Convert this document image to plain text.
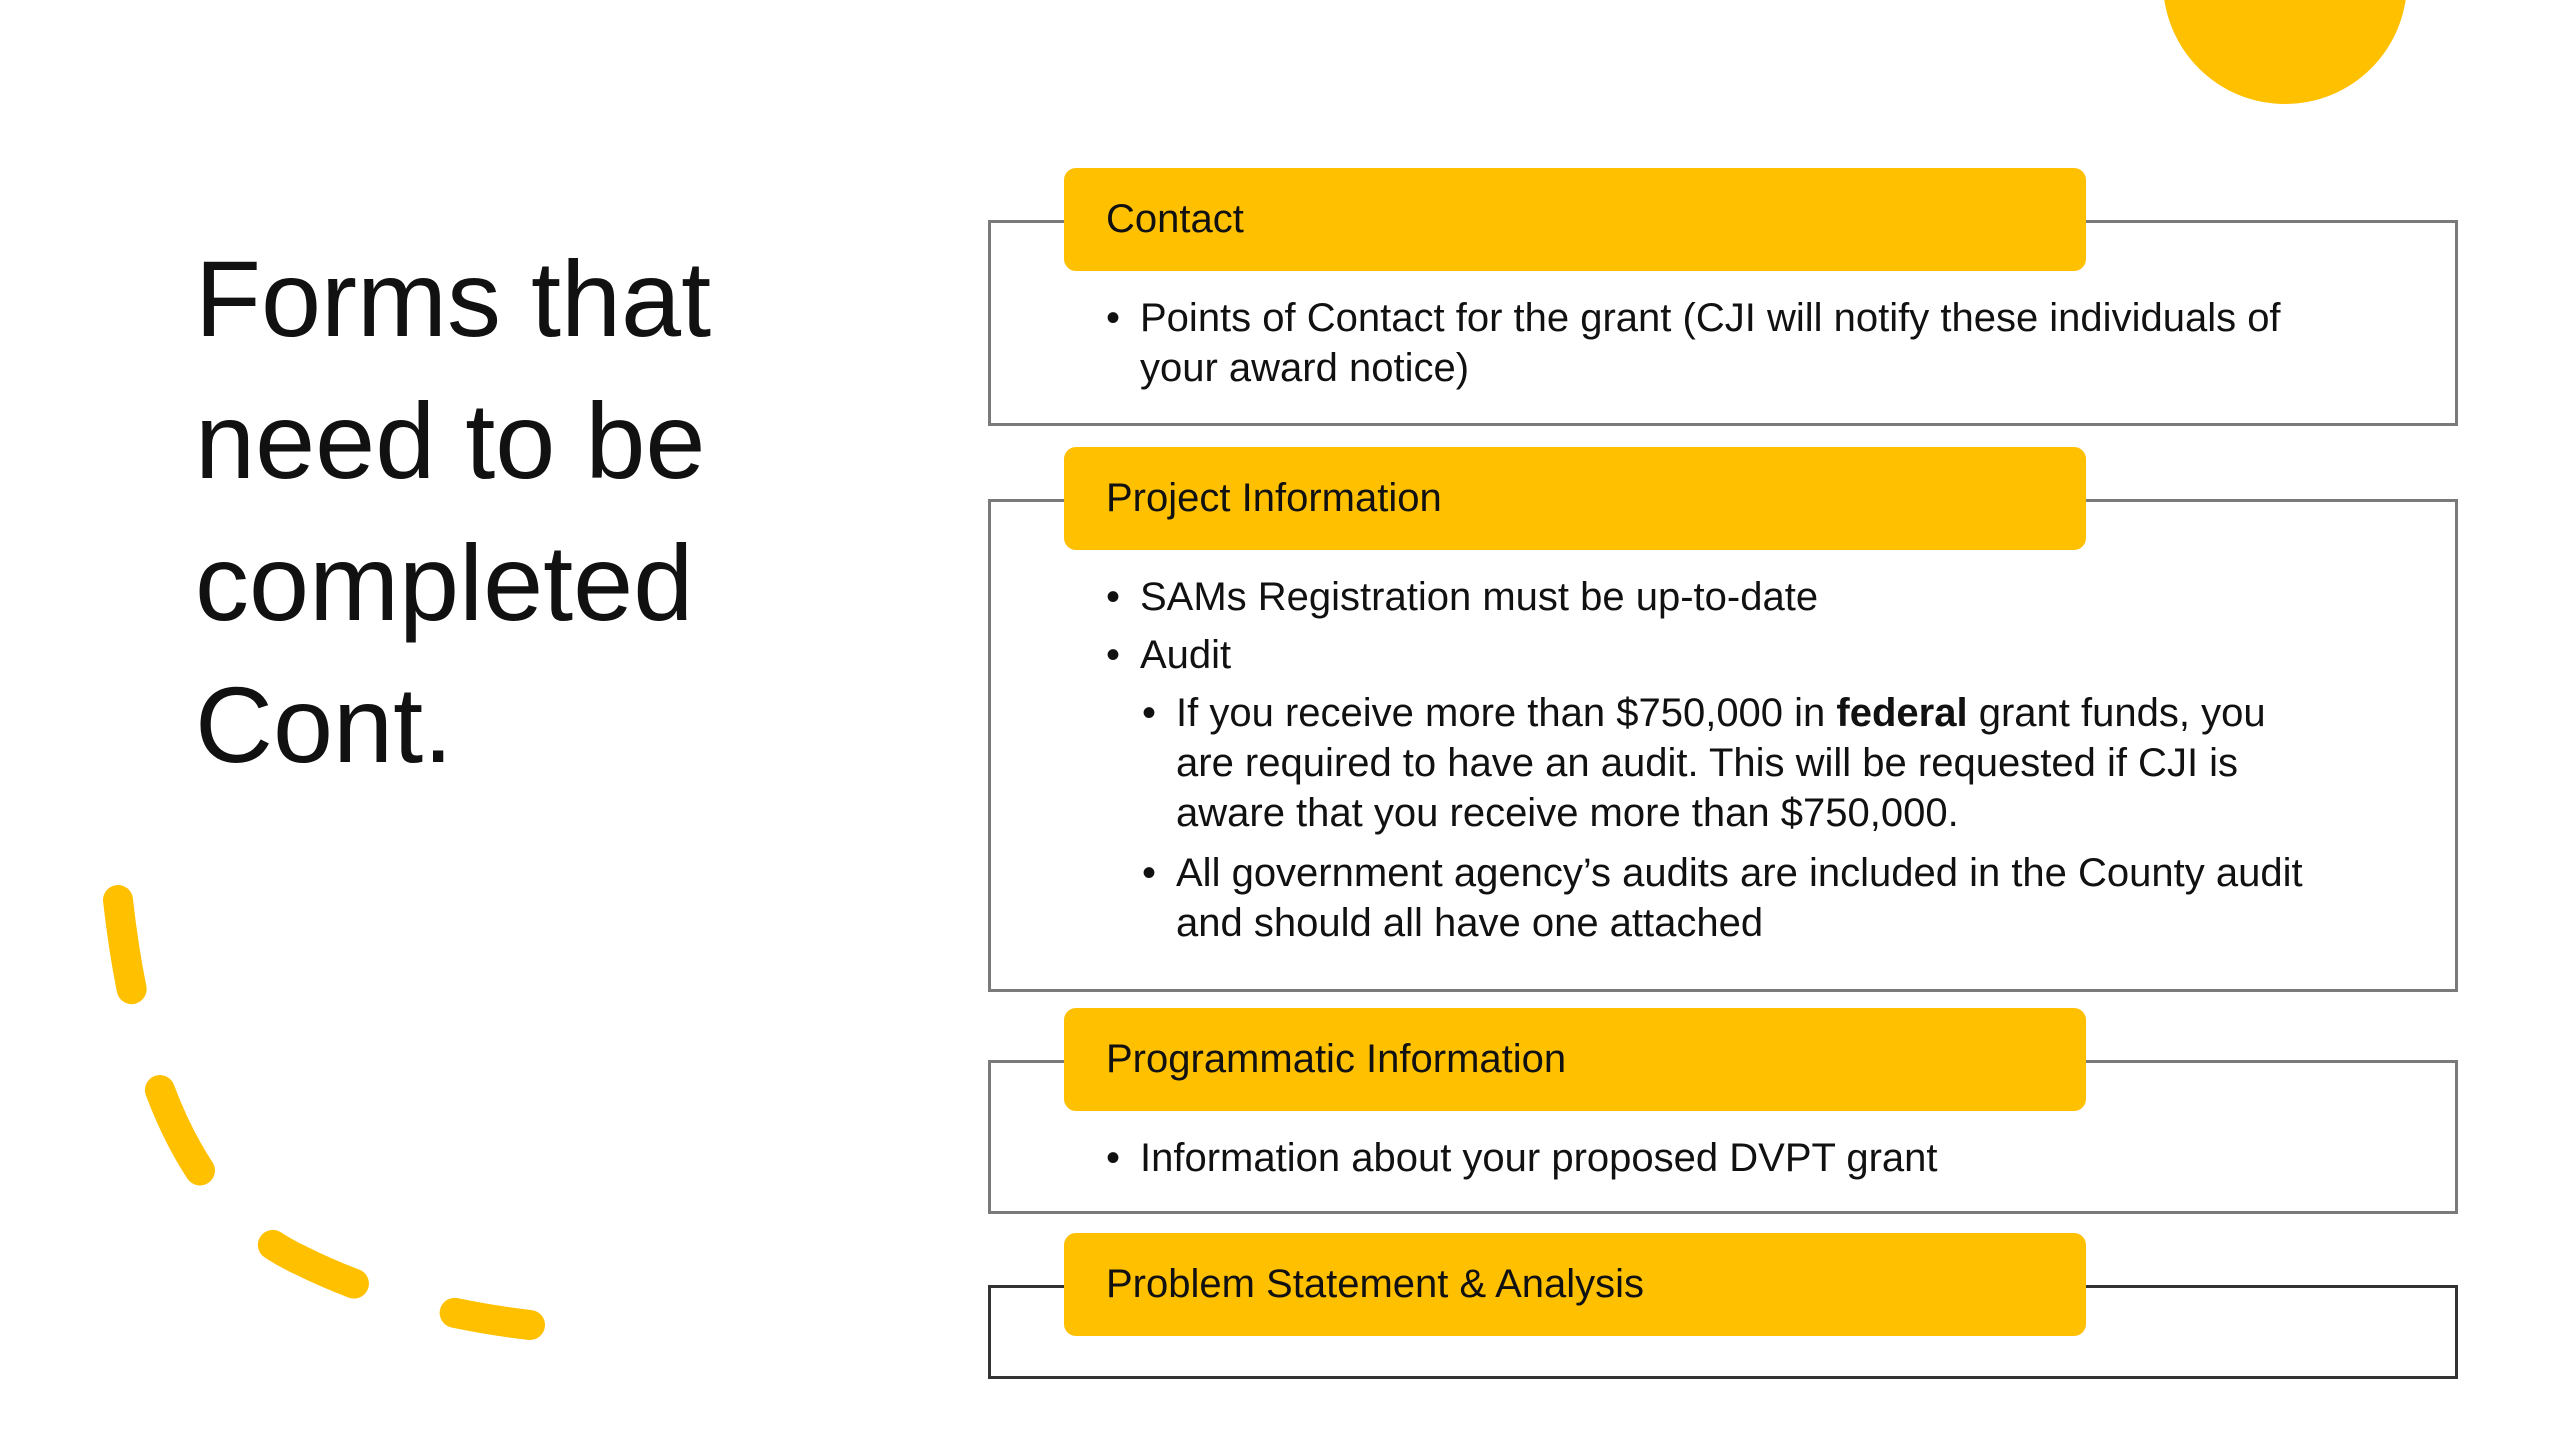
Forms that
need to be
completed
Cont.
Contact
• Points of Contact for the grant (CJI will notify these individuals of your award notice)
Project Information
• SAMs Registration must be up-to-date
• Audit
• If you receive more than $750,000 in federal grant funds, you are required to have an audit. This will be requested if CJI is aware that you receive more than $750,000.
• All government agency’s audits are included in the County audit and should all have one attached
Programmatic Information
• Information about your proposed DVPT grant
Problem Statement & Analysis
